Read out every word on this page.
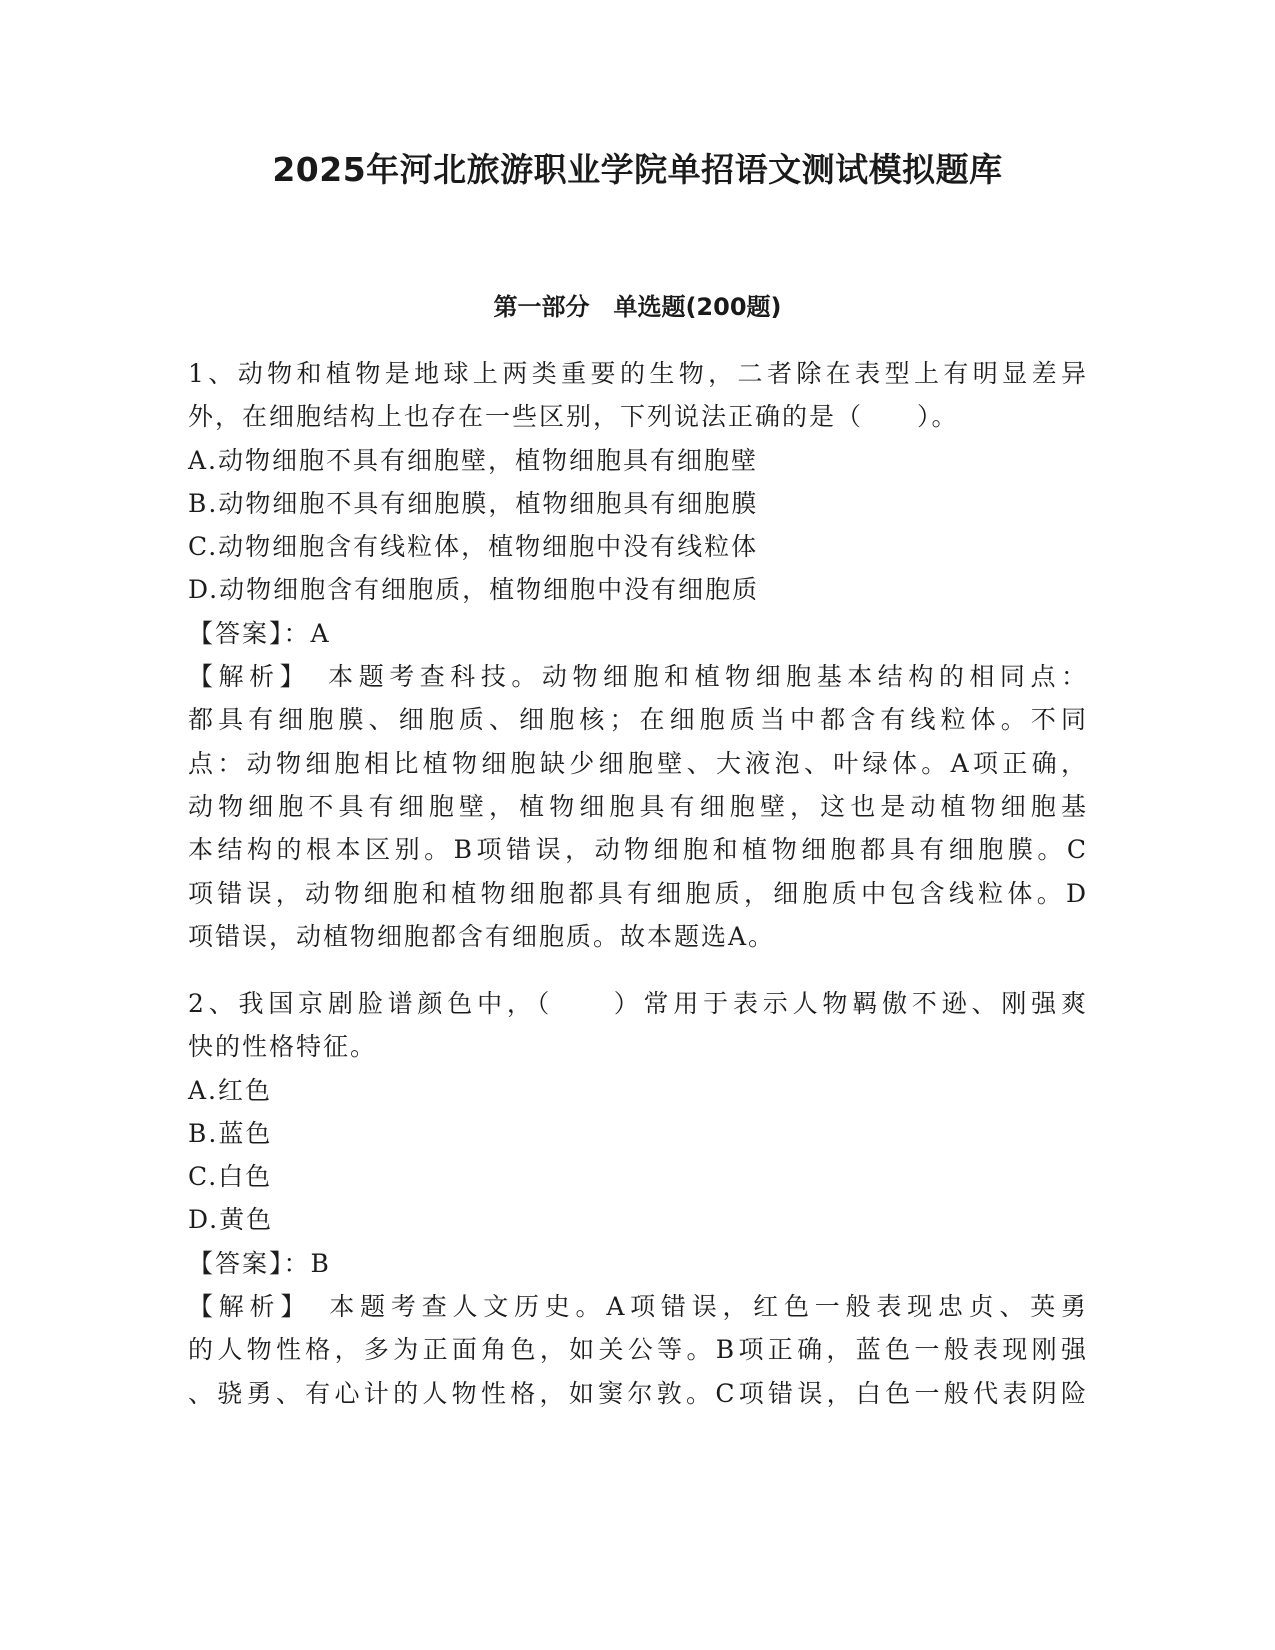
2025年河北旅游职业学院单招语文测试模拟题库
第一部分　单选题(200题)
1、动物和植物是地球上两类重要的生物，二者除在表型上有明显差异
外，在细胞结构上也存在一些区别，下列说法正确的是（　　）。
A.动物细胞不具有细胞壁，植物细胞具有细胞壁
B.动物细胞不具有细胞膜，植物细胞具有细胞膜
C.动物细胞含有线粒体，植物细胞中没有线粒体
D.动物细胞含有细胞质，植物细胞中没有细胞质
【答案】：A
【解析】　本题考查科技。动物细胞和植物细胞基本结构的相同点：
都具有细胞膜、细胞质、细胞核；在细胞质当中都含有线粒体。不同
点：动物细胞相比植物细胞缺少细胞壁、大液泡、叶绿体。A项正确，
动物细胞不具有细胞壁，植物细胞具有细胞壁，这也是动植物细胞基
本结构的根本区别。B项错误，动物细胞和植物细胞都具有细胞膜。C
项错误，动物细胞和植物细胞都具有细胞质，细胞质中包含线粒体。D
项错误，动植物细胞都含有细胞质。故本题选A。
2、我国京剧脸谱颜色中，（　　）常用于表示人物羁傲不逊、刚强爽
快的性格特征。
A.红色
B.蓝色
C.白色
D.黄色
【答案】：B
【解析】　本题考查人文历史。A项错误，红色一般表现忠贞、英勇
的人物性格，多为正面角色，如关公等。B项正确，蓝色一般表现刚强
、骁勇、有心计的人物性格，如窦尔敦。C项错误，白色一般代表阴险
